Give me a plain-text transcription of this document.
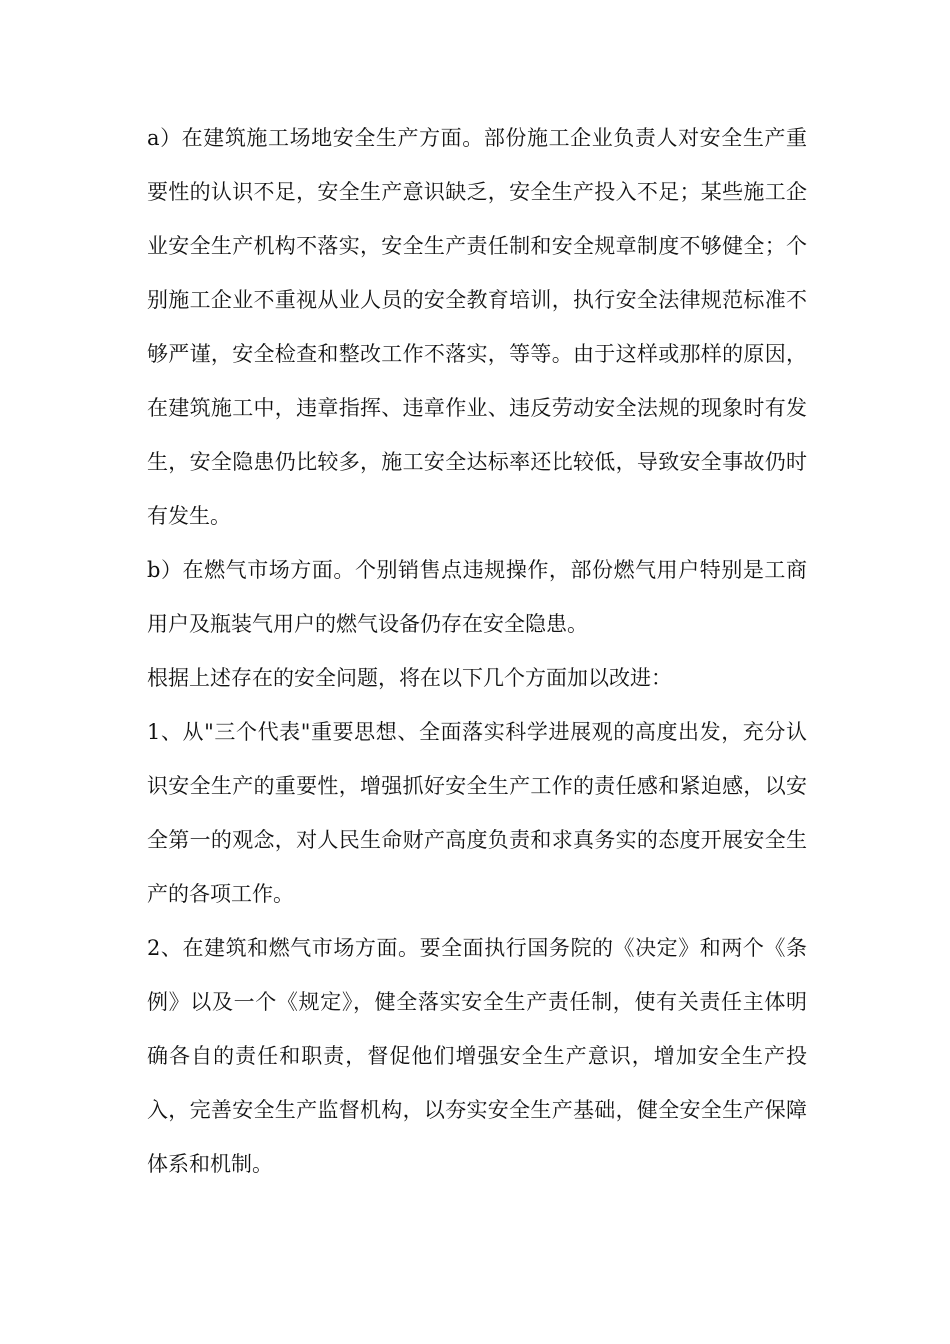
a）在建筑施工场地安全生产方面。部份施工企业负责人对安全生产重要性的认识不足，安全生产意识缺乏，安全生产投入不足；某些施工企业安全生产机构不落实，安全生产责任制和安全规章制度不够健全；个别施工企业不重视从业人员的安全教育培训，执行安全法律规范标准不够严谨，安全检查和整改工作不落实，等等。由于这样或那样的原因，在建筑施工中，违章指挥、违章作业、违反劳动安全法规的现象时有发生，安全隐患仍比较多，施工安全达标率还比较低，导致安全事故仍时有发生。

b）在燃气市场方面。个别销售点违规操作，部份燃气用户特别是工商用户及瓶装气用户的燃气设备仍存在安全隐患。

根据上述存在的安全问题，将在以下几个方面加以改进：

1、从"三个代表"重要思想、全面落实科学进展观的高度出发，充分认识安全生产的重要性，增强抓好安全生产工作的责任感和紧迫感，以安全第一的观念，对人民生命财产高度负责和求真务实的态度开展安全生产的各项工作。

2、在建筑和燃气市场方面。要全面执行国务院的《决定》和两个《条例》以及一个《规定》，健全落实安全生产责任制，使有关责任主体明确各自的责任和职责，督促他们增强安全生产意识，增加安全生产投入，完善安全生产监督机构，以夯实安全生产基础，健全安全生产保障体系和机制。
